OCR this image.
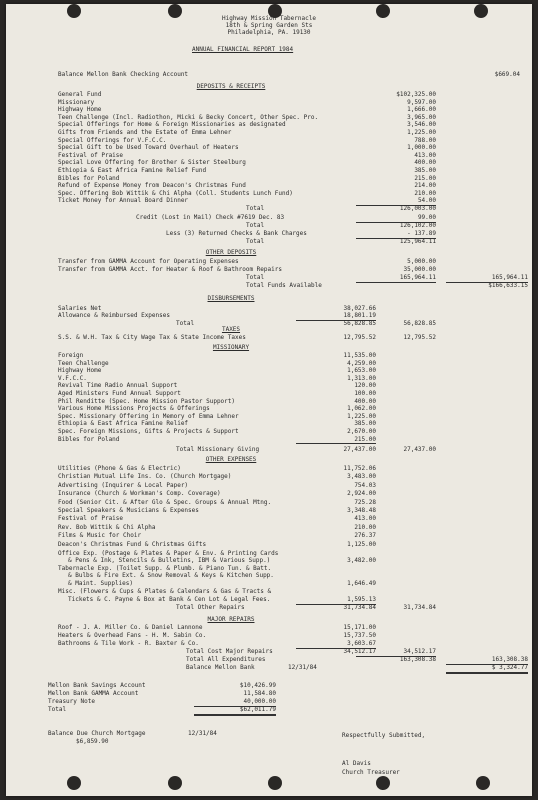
Highway Mission Tabernacle
18th & Spring Garden Sts
Philadelphia, PA. 19130
ANNUAL FINANCIAL REPORT 1984
Balance Mellon Bank Checking Account	$669.04
DEPOSITS & RECEIPTS
General Fund	$102,325.00
Missionary	9,597.00
Highway Home	1,666.00
Teen Challenge (Incl. Radiothon, Micki & Becky Concert, Other Spec. Pro.	3,965.00
Special Offerings for Home & Foreign Missionaries as designated	3,546.00
Gifts from Friends and the Estate of Emma Lehner	1,225.00
Special Offerings for V.F.C.C.	788.00
Special Gift to be Used Toward Overhaul of Heaters	1,000.00
Festival of Praise	413.00
Special Love Offering for Brother & Sister Steelburg	400.00
Ethiopia & East Africa Famine Relief Fund	385.00
Bibles for Poland	215.00
Refund of Expense Money from Deacon's Christmas Fund	214.00
Spec. Offering Bob Wittik & Chi Alpha (Coll. Students Lunch Fund)	210.00
Ticket Money for Annual Board Dinner	54.00
Total	126,003.00
Credit (Lost in Mail) Check #7619 Dec. 83	99.00
Total	126,102.00
Less (3) Returned Checks & Bank Charges	- 137.89
Total	125,964.11
OTHER DEPOSITS
Transfer from GAMMA Account for Operating Expenses	5,000.00
Transfer from GAMMA Acct. for Heater & Roof & Bathroom Repairs	35,000.00
Total	165,964.11	165,964.11
Total Funds Available	$166,633.15
DISBURSEMENTS
Salaries Net	38,027.66
Allowance & Reimbursed Expenses	18,801.19
Total	56,828.85	56,828.85
TAXES
S.S. & W.H. Tax & City Wage Tax & State Income Taxes	12,795.52	12,795.52
MISSIONARY
Foreign	11,535.00
Teen Challenge	4,259.00
Highway Home	1,653.00
V.F.C.C.	1,313.00
Revival Time Radio Annual Support	120.00
Aged Ministers Fund Annual Support	100.00
Phil Renditte (Spec. Home Mission Pastor Support)	400.00
Various Home Missions Projects & Offerings	1,062.00
Spec. Missionary Offering in Memory of Emma Lehner	1,225.00
Ethiopia & East Africa Famine Relief	385.00
Spec. Foreign Missions, Gifts & Projects & Support	2,670.00
Bibles for Poland	215.00
Total Missionary Giving	27,437.00	27,437.00
OTHER EXPENSES
Utilities (Phone & Gas & Electric)	11,752.06
Christian Mutual Life Ins. Co. (Church Mortgage)	3,483.00
Advertising (Inquirer & Local Paper)	754.03
Insurance (Church & Workman's Comp. Coverage)	2,924.00
Food (Senior Cit. & After Glo & Spec. Groups & Annual Mtng.	725.28
Special Speakers & Musicians & Expenses	3,348.48
Festival of Praise	413.00
Rev. Bob Wittik & Chi Alpha	210.00
Films & Music for Choir	276.37
Deacon's Christmas Fund & Christmas Gifts	1,125.00
Office Exp. (Postage & Plates & Paper & Env. & Printing Cards
& Pens & Ink, Stencils & Bulletins, IBM & Various Supp.)	3,482.00
Tabernacle Exp. (Toilet Supp. & Plumb. & Piano Tun. & Batt.
& Bulbs & Fire Ext. & Snow Removal & Keys & Kitchen Supp.
& Maint. Supplies)	1,646.49
Misc. (Flowers & Cups & Plates & Calendars & Gas & Tracts &
Tickets & C. Payne & Box at Bank & Cen Lot & Legal Fees.	1,595.13
Total Other Repairs	31,734.84	31,734.84
MAJOR REPAIRS
Roof - J. A. Miller Co. & Daniel Lannone	15,171.00
Heaters & Overhead Fans - H. M. Sabin Co.	15,737.50
Bathrooms & Tile Work - R. Baxter & Co.	3,603.67
Total Cost Major Repairs	34,512.17	34,512.17
Total All Expenditures	163,308.38	163,308.38
Balance Mellon Bank	12/31/84	$ 3,324.77
Mellon Bank Savings Account	$10,426.99
Mellon Bank GAMMA Account	11,584.80
Treasury Note	40,000.00
Total	$62,011.79
Balance Due Church Mortgage	12/31/84
$6,859.90
Respectfully Submitted,
Al Davis
Church Treasurer
